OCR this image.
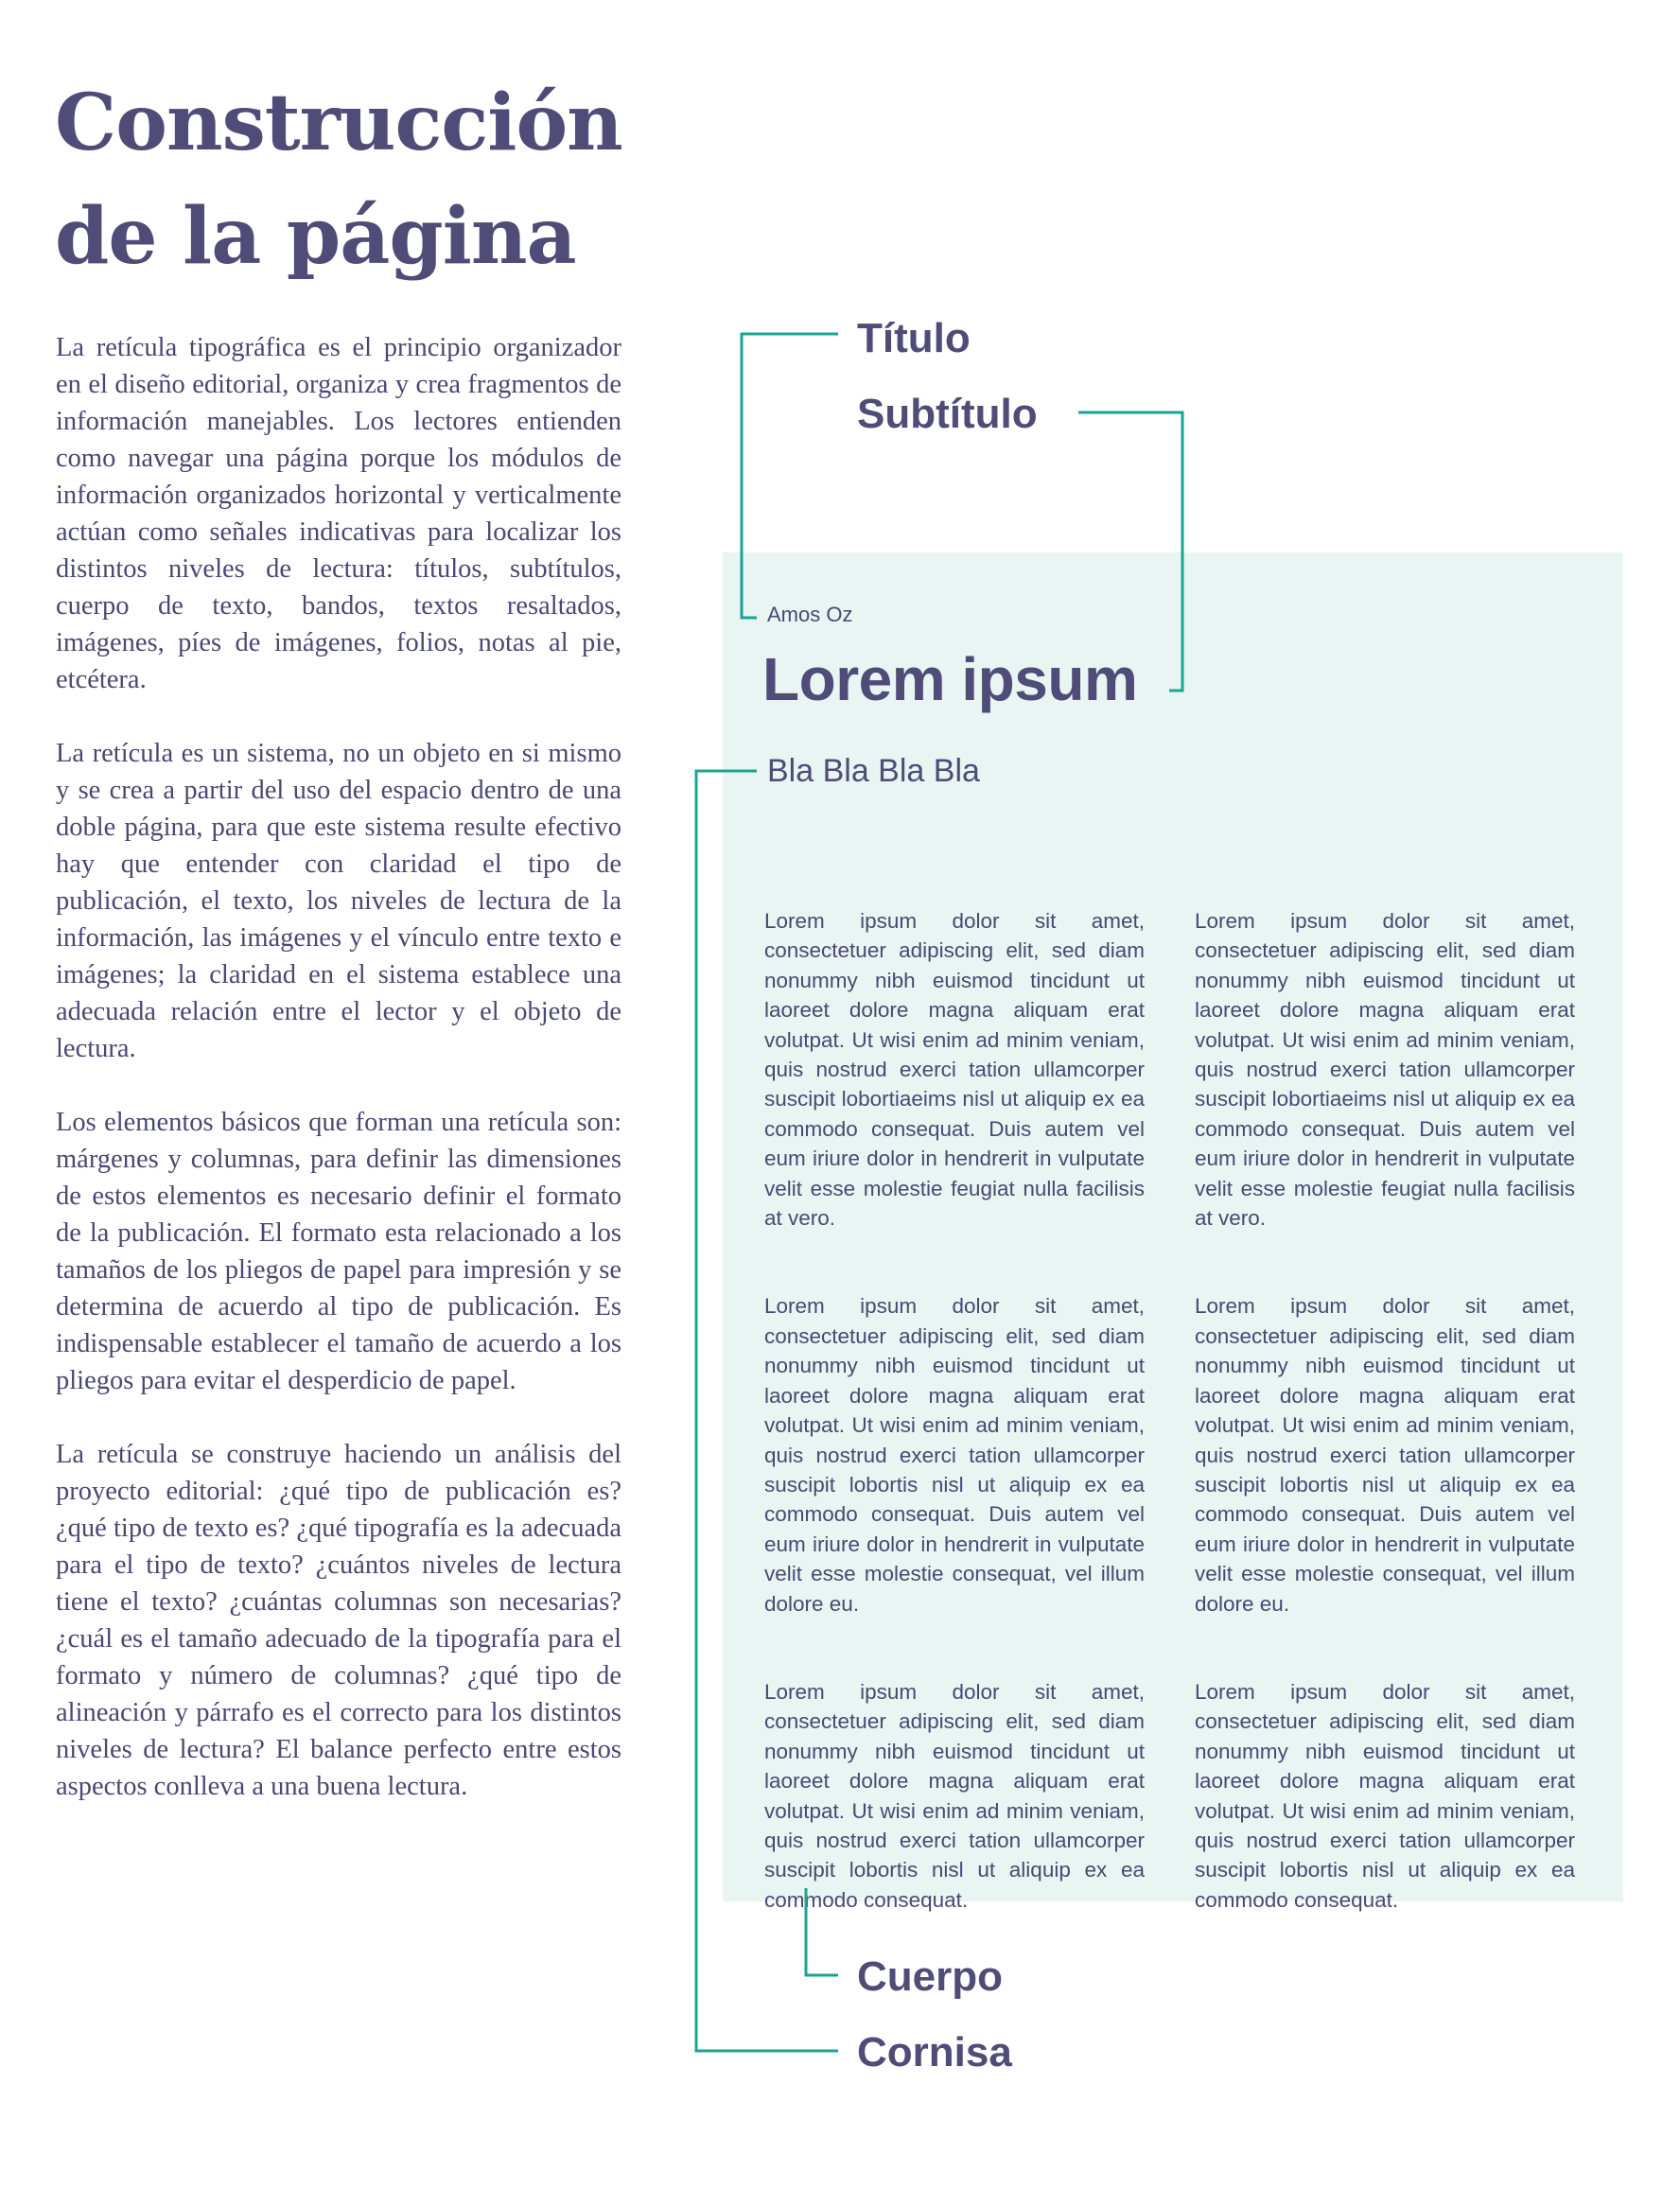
Construcción
de la página

La retícula tipográfica es el principio organizador en el diseño editorial, organiza y crea fragmentos de información manejables. Los lectores entienden como navegar una página porque los módulos de información organizados horizontal y verticalmente actúan como señales indicativas para localizar los distintos niveles de lectura: títulos, subtítulos, cuerpo de texto, bandos, textos resaltados, imágenes, píes de imágenes, folios, notas al pie, etcétera.

La retícula es un sistema, no un objeto en si mismo y se crea a partir del uso del espacio dentro de una doble página, para que este sistema resulte efectivo hay que entender con claridad el tipo de publicación, el texto, los niveles de lectura de la información, las imágenes y el vínculo entre texto e imágenes; la claridad en el sistema establece una adecuada relación entre el lector y el objeto de lectura.

Los elementos básicos que forman una retícula son: márgenes y columnas, para definir las dimensiones de estos elementos es necesario definir el formato de la publicación. El formato esta relacionado a los tamaños de los pliegos de papel para impresión y se determina de acuerdo al tipo de publicación. Es indispensable establecer el tamaño de acuerdo a los pliegos para evitar el desperdicio de papel.

La retícula se construye haciendo un análisis del proyecto editorial: ¿qué tipo de publicación es? ¿qué tipo de texto es? ¿qué tipografía es la adecuada para el tipo de texto? ¿cuántos niveles de lectura tiene el texto? ¿cuántas columnas son necesarias? ¿cuál es el tamaño adecuado de la tipografía para el formato y número de columnas? ¿qué tipo de alineación y párrafo es el correcto para los distintos niveles de lectura? El balance perfecto entre estos aspectos conlleva a una buena lectura.

Amos Oz
Lorem ipsum
Bla Bla Bla Bla

Lorem ipsum dolor sit amet, consectetuer adipiscing elit, sed diam nonummy nibh euismod tincidunt ut laoreet dolore magna aliquam erat volutpat. Ut wisi enim ad minim veniam, quis nostrud exerci tation ullamcorper suscipit lobortiaeims nisl ut aliquip ex ea commodo consequat. Duis autem vel eum iriure dolor in hendrerit in vulputate velit esse molestie feugiat nulla facilisis at vero.

Lorem ipsum dolor sit amet, consectetuer adipiscing elit, sed diam nonummy nibh euismod tincidunt ut laoreet dolore magna aliquam erat volutpat. Ut wisi enim ad minim veniam, quis nostrud exerci tation ullamcorper suscipit lobortis nisl ut aliquip ex ea commodo consequat. Duis autem vel eum iriure dolor in hendrerit in vulputate velit esse molestie consequat, vel illum dolore eu.

Lorem ipsum dolor sit amet, consectetuer adipiscing elit, sed diam nonummy nibh euismod tincidunt ut laoreet dolore magna aliquam erat volutpat. Ut wisi enim ad minim veniam, quis nostrud exerci tation ullamcorper suscipit lobortis nisl ut aliquip ex ea commodo consequat.

Lorem ipsum dolor sit amet, consectetuer adipiscing elit, sed diam nonummy nibh euismod tincidunt ut laoreet dolore magna aliquam erat volutpat. Ut wisi enim ad minim veniam, quis nostrud exerci tation ullamcorper suscipit lobortiaeims nisl ut aliquip ex ea commodo consequat. Duis autem vel eum iriure dolor in hendrerit in vulputate velit esse molestie feugiat nulla facilisis at vero.

Lorem ipsum dolor sit amet, consectetuer adipiscing elit, sed diam nonummy nibh euismod tincidunt ut laoreet dolore magna aliquam erat volutpat. Ut wisi enim ad minim veniam, quis nostrud exerci tation ullamcorper suscipit lobortis nisl ut aliquip ex ea commodo consequat. Duis autem vel eum iriure dolor in hendrerit in vulputate velit esse molestie consequat, vel illum dolore eu.

Lorem ipsum dolor sit amet, consectetuer adipiscing elit, sed diam nonummy nibh euismod tincidunt ut laoreet dolore magna aliquam erat volutpat. Ut wisi enim ad minim veniam, quis nostrud exerci tation ullamcorper suscipit lobortis nisl ut aliquip ex ea commodo consequat.

Título
Subtítulo
Cuerpo
Cornisa
